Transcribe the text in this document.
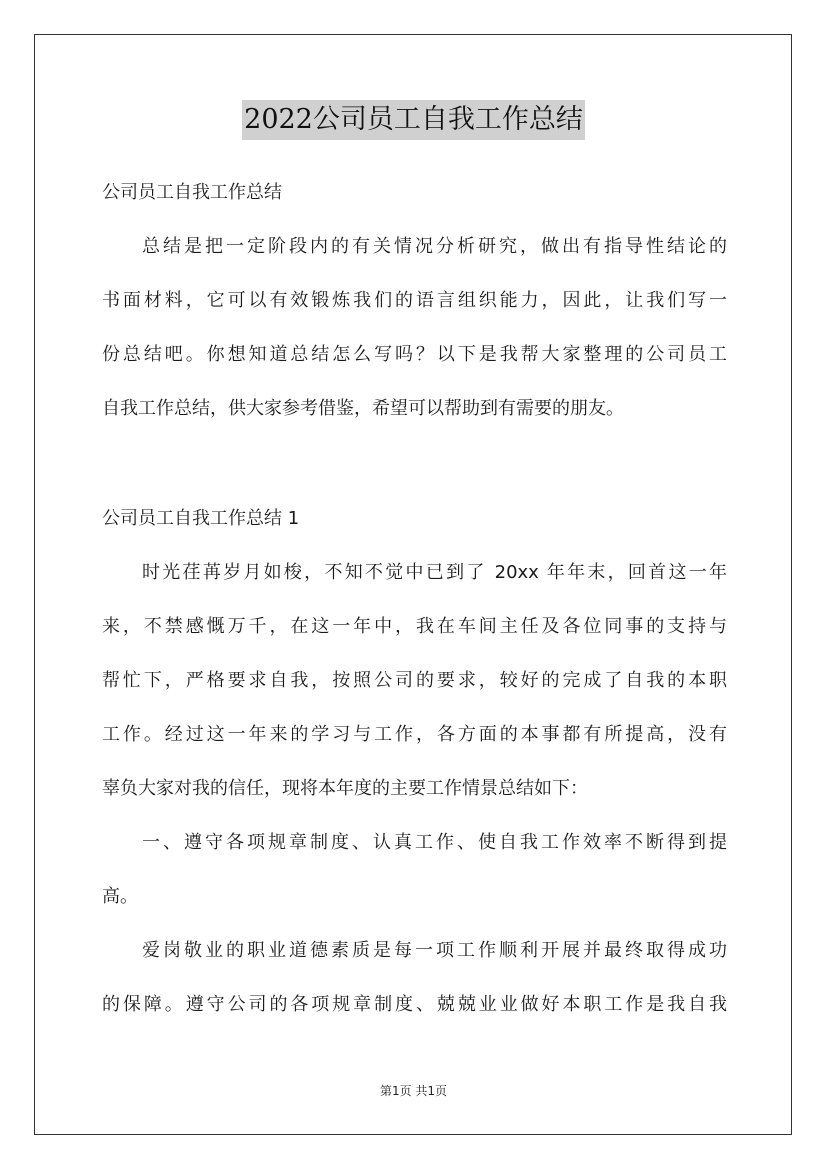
2022公司员工自我工作总结
公司员工自我工作总结
总结是把一定阶段内的有关情况分析研究，做出有指导性结论的
书面材料，它可以有效锻炼我们的语言组织能力，因此，让我们写一
份总结吧。你想知道总结怎么写吗？以下是我帮大家整理的公司员工
自我工作总结，供大家参考借鉴，希望可以帮助到有需要的朋友。
公司员工自我工作总结 1
时光荏苒岁月如梭，不知不觉中已到了 20xx 年年末，回首这一年
来，不禁感慨万千，在这一年中，我在车间主任及各位同事的支持与
帮忙下，严格要求自我，按照公司的要求，较好的完成了自我的本职
工作。经过这一年来的学习与工作，各方面的本事都有所提高，没有
辜负大家对我的信任，现将本年度的主要工作情景总结如下：
一、遵守各项规章制度、认真工作、使自我工作效率不断得到提
高。
爱岗敬业的职业道德素质是每一项工作顺利开展并最终取得成功
的保障。遵守公司的各项规章制度、兢兢业业做好本职工作是我自我
第1页 共1页
